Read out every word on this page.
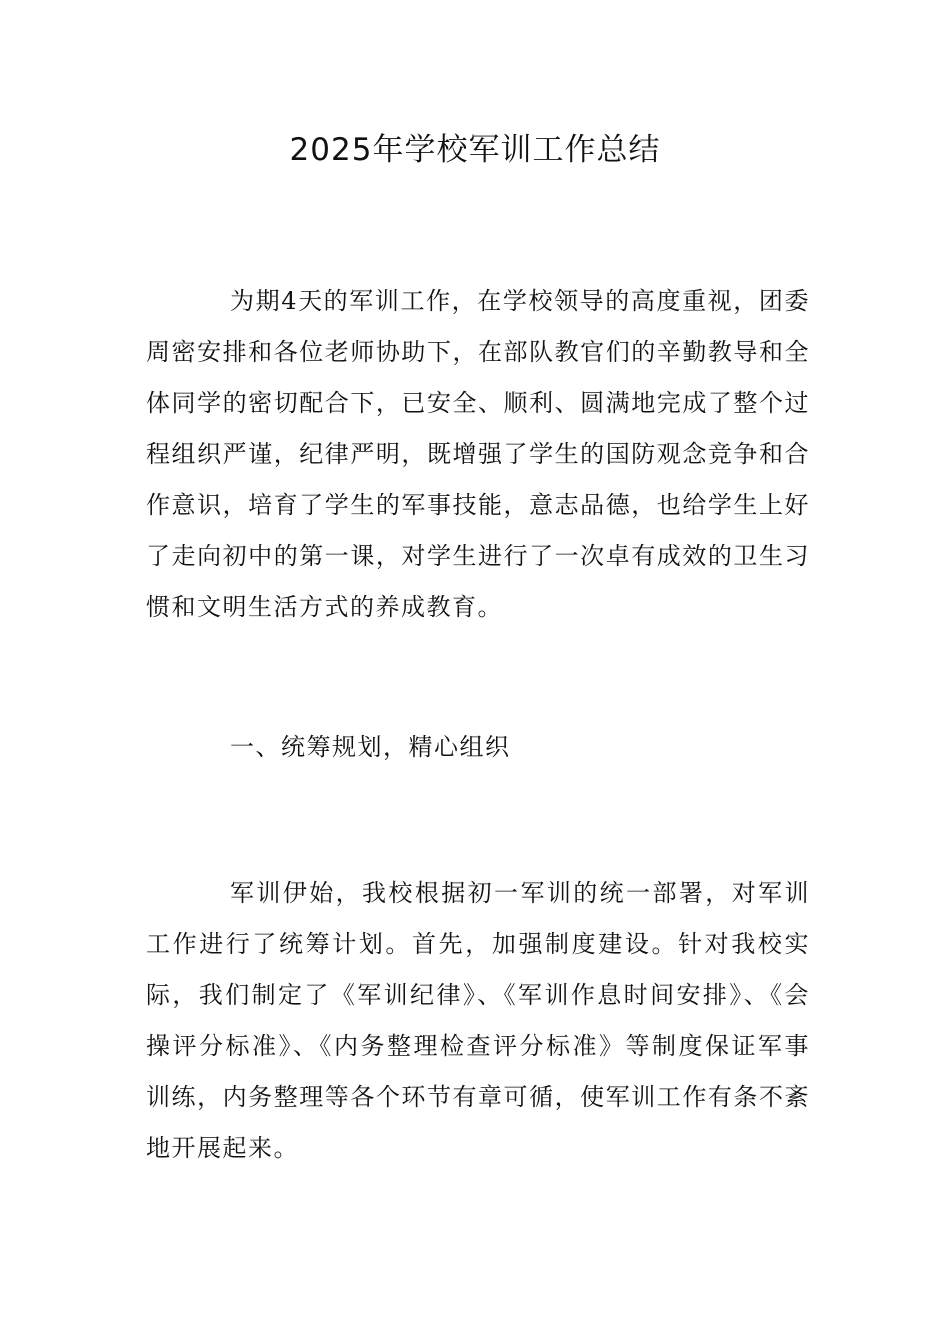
2025年学校军训工作总结

为期4天的军训工作，在学校领导的高度重视，团委周密安排和各位老师协助下，在部队教官们的辛勤教导和全体同学的密切配合下，已安全、顺利、圆满地完成了整个过程组织严谨，纪律严明，既增强了学生的国防观念竞争和合作意识，培育了学生的军事技能，意志品德，也给学生上好了走向初中的第一课，对学生进行了一次卓有成效的卫生习惯和文明生活方式的养成教育。

一、统筹规划，精心组织

军训伊始，我校根据初一军训的统一部署，对军训工作进行了统筹计划。首先，加强制度建设。针对我校实际，我们制定了《军训纪律》、《军训作息时间安排》、《会操评分标准》、《内务整理检查评分标准》等制度保证军事训练，内务整理等各个环节有章可循，使军训工作有条不紊地开展起来。
